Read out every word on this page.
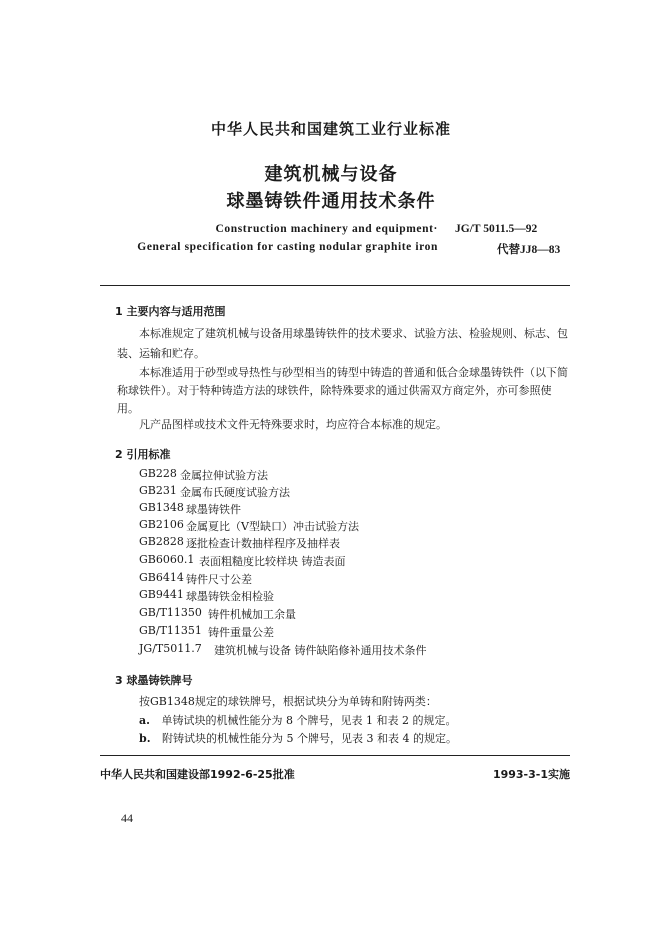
中华人民共和国建筑工业行业标准
建筑机械与设备
球墨铸铁件通用技术条件
Construction machinery and equipment·
General specification for casting nodular graphite iron
JG/T 5011.5—92
代替JJ8—83
1 主要内容与适用范围
本标准规定了建筑机械与设备用球墨铸铁件的技术要求、试验方法、检验规则、标志、包装、运输和贮存。
本标准适用于砂型或导热性与砂型相当的铸型中铸造的普通和低合金球墨铸铁件（以下简称球铁件）。对于特种铸造方法的球铁件，除特殊要求的通过供需双方商定外，亦可参照使用。
凡产品图样或技术文件无特殊要求时，均应符合本标准的规定。
2 引用标准
GB228 金属拉伸试验方法
GB231 金属布氏硬度试验方法
GB1348 球墨铸铁件
GB2106 金属夏比（V型缺口）冲击试验方法
GB2828 逐批检查计数抽样程序及抽样表
GB6060.1 表面粗糙度比较样块 铸造表面
GB6414 铸件尺寸公差
GB9441 球墨铸铁金相检验
GB/T11350 铸件机械加工余量
GB/T11351 铸件重量公差
JG/T5011.7 建筑机械与设备 铸件缺陷修补通用技术条件
3 球墨铸铁牌号
按GB1348规定的球铁牌号，根据试块分为单铸和附铸两类：
a. 单铸试块的机械性能分为 8 个牌号，见表 1 和表 2 的规定。
b. 附铸试块的机械性能分为 5 个牌号，见表 3 和表 4 的规定。
中华人民共和国建设部1992-6-25批准	1993-3-1实施
44
